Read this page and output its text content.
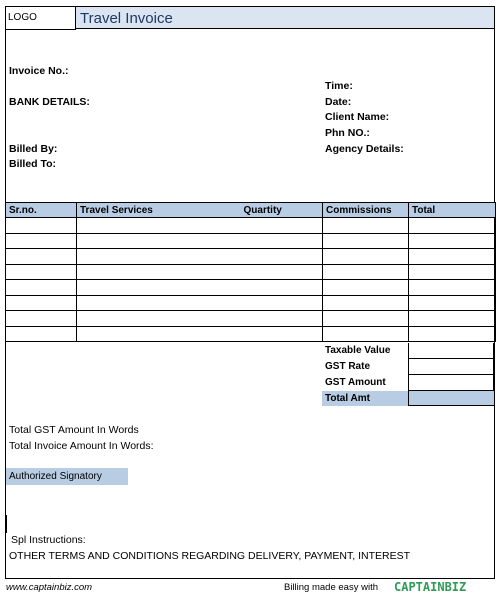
LOGO	Travel Invoice
Invoice No.:
BANK DETAILS:
Billed By:
Billed To:
Time:
Date:
Client Name:
Phn NO.:
Agency Details:
Sr.no.	Travel Services	Quartity	Commissions	Total

Taxable Value
GST Rate
GST Amount
Total Amt
Total GST Amount In Words
Total Invoice Amount In Words:
Authorized Signatory
Spl Instructions:
OTHER TERMS AND CONDITIONS REGARDING DELIVERY, PAYMENT, INTEREST
www.captainbiz.com	Billing made easy with CAPTAINBIZ
